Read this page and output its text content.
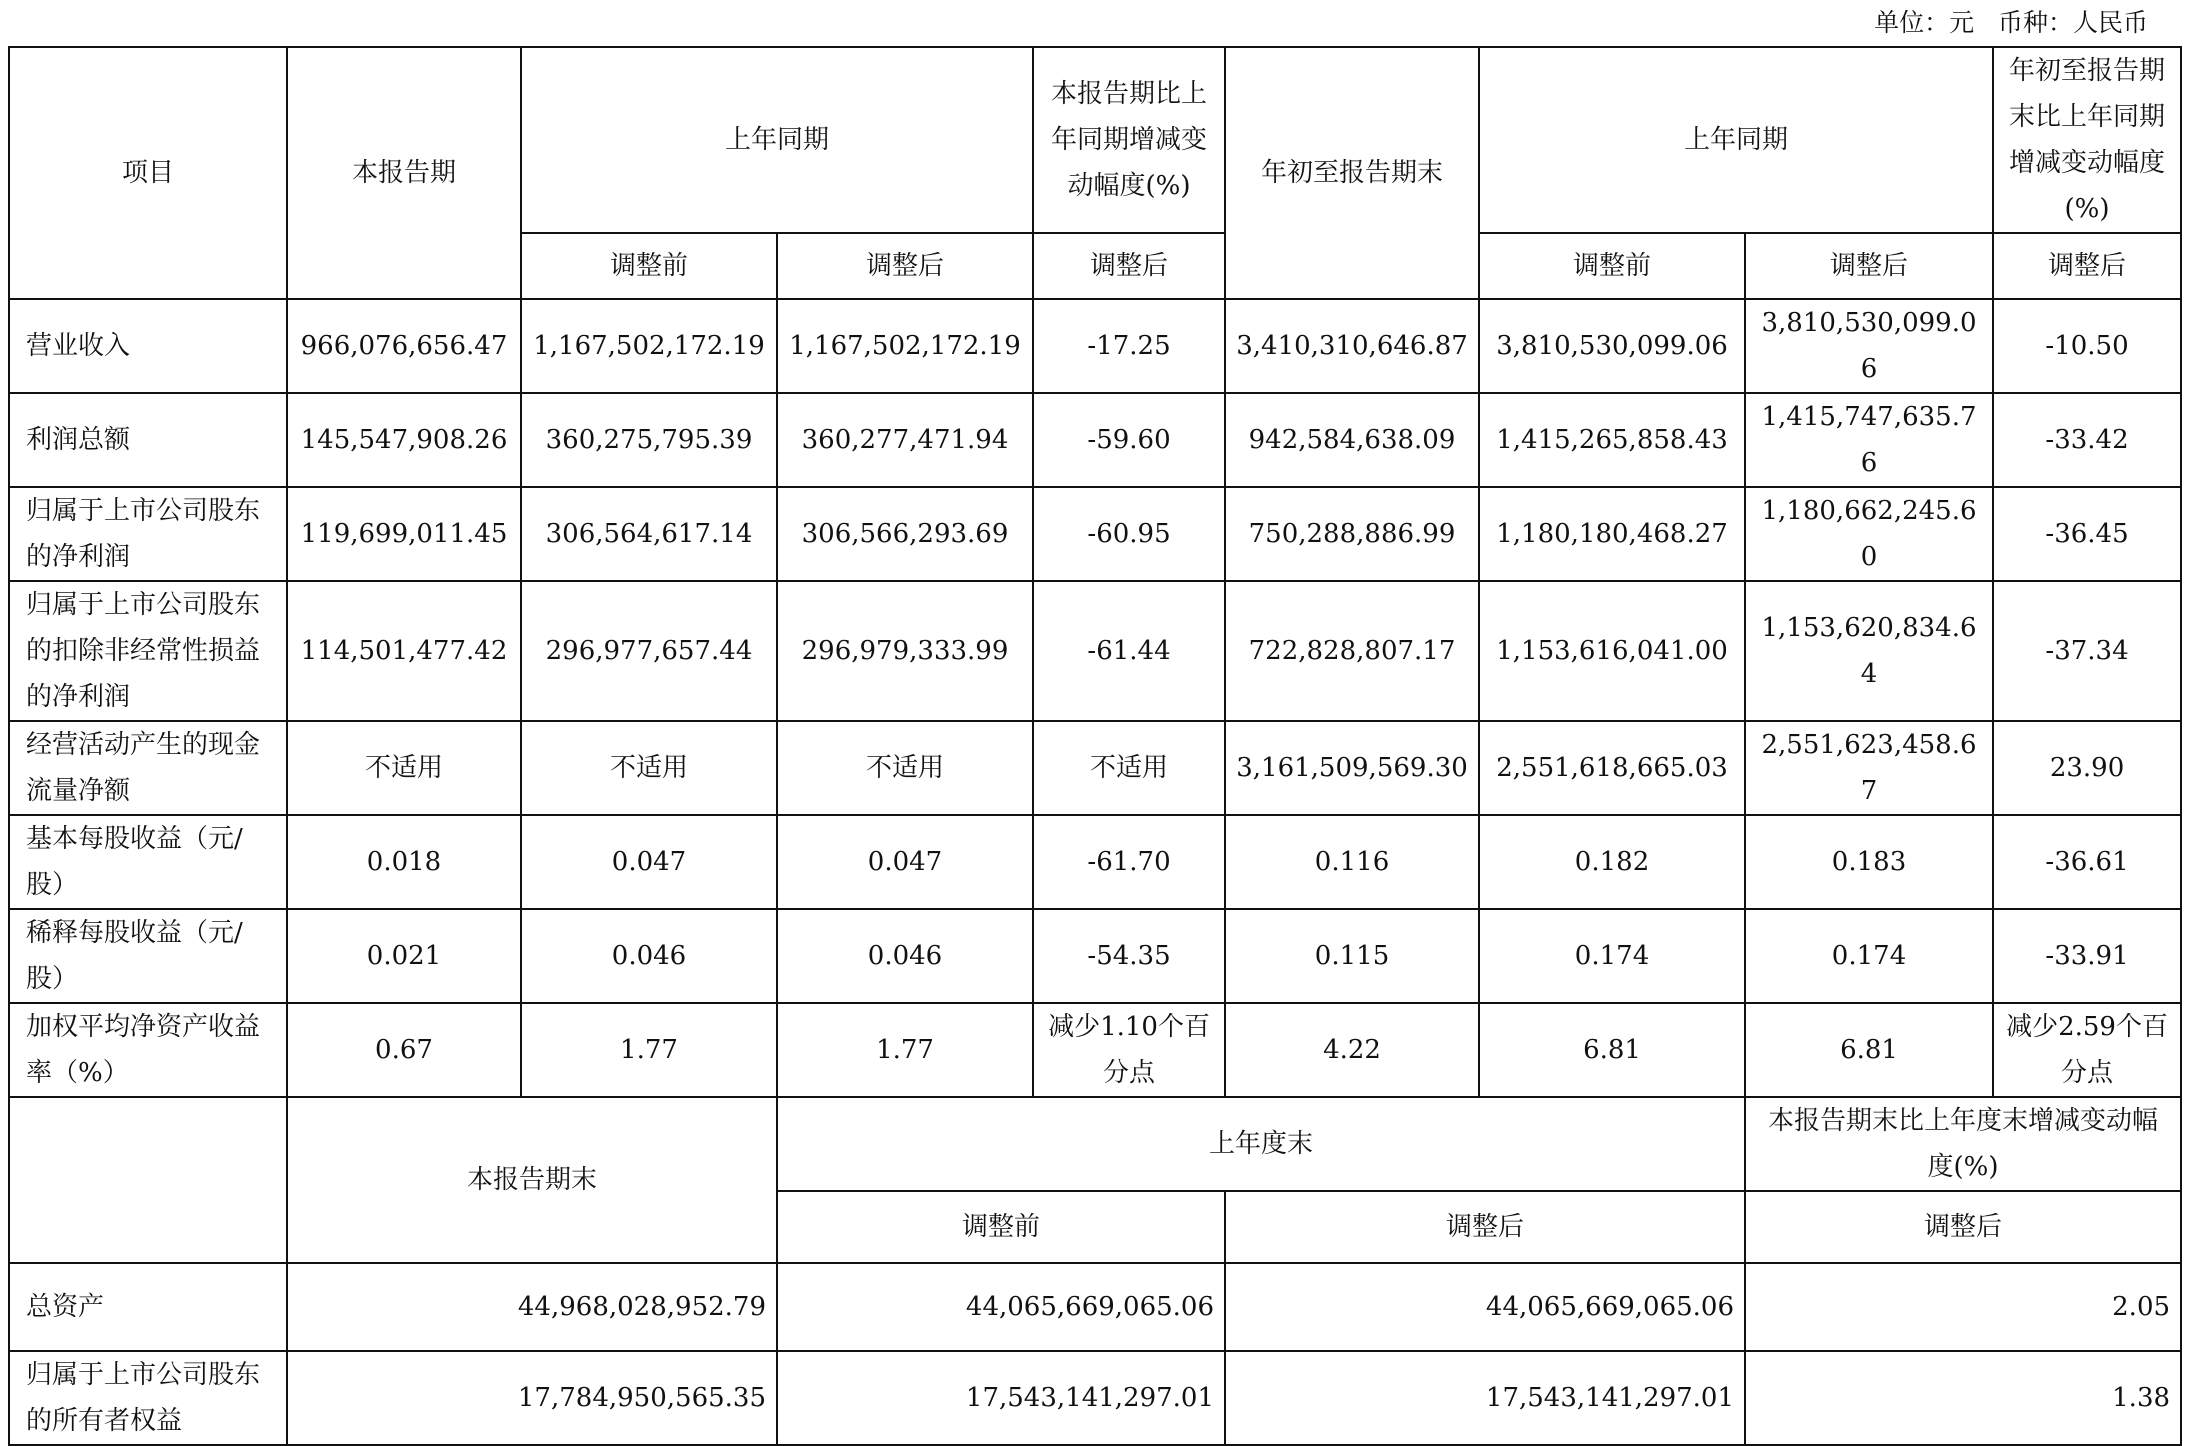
单位：元   币种：人民币
项目	本报告期	上年同期		本报告期比上年同期增减变动幅度(%)	年初至报告期末	上年同期		年初至报告期末比上年同期增减变动幅度(%)
		调整前	调整后	调整后		调整前	调整后	调整后
营业收入	966,076,656.47	1,167,502,172.19	1,167,502,172.19	-17.25	3,410,310,646.87	3,810,530,099.06	3,810,530,099.06	-10.50
利润总额	145,547,908.26	360,275,795.39	360,277,471.94	-59.60	942,584,638.09	1,415,265,858.43	1,415,747,635.76	-33.42
归属于上市公司股东的净利润	119,699,011.45	306,564,617.14	306,566,293.69	-60.95	750,288,886.99	1,180,180,468.27	1,180,662,245.60	-36.45
归属于上市公司股东的扣除非经常性损益的净利润	114,501,477.42	296,977,657.44	296,979,333.99	-61.44	722,828,807.17	1,153,616,041.00	1,153,620,834.64	-37.34
经营活动产生的现金流量净额	不适用	不适用	不适用	不适用	3,161,509,569.30	2,551,618,665.03	2,551,623,458.67	23.90
基本每股收益（元/股）	0.018	0.047	0.047	-61.70	0.116	0.182	0.183	-36.61
稀释每股收益（元/股）	0.021	0.046	0.046	-54.35	0.115	0.174	0.174	-33.91
加权平均净资产收益率（%）	0.67	1.77	1.77	减少1.10个百分点	4.22	6.81	6.81	减少2.59个百分点
	本报告期末		上年度末				本报告期末比上年度末增减变动幅度(%)	
			调整前		调整后		调整后	
总资产	44,968,028,952.79		44,065,669,065.06		44,065,669,065.06		2.05	
归属于上市公司股东的所有者权益	17,784,950,565.35		17,543,141,297.01		17,543,141,297.01		1.38	
